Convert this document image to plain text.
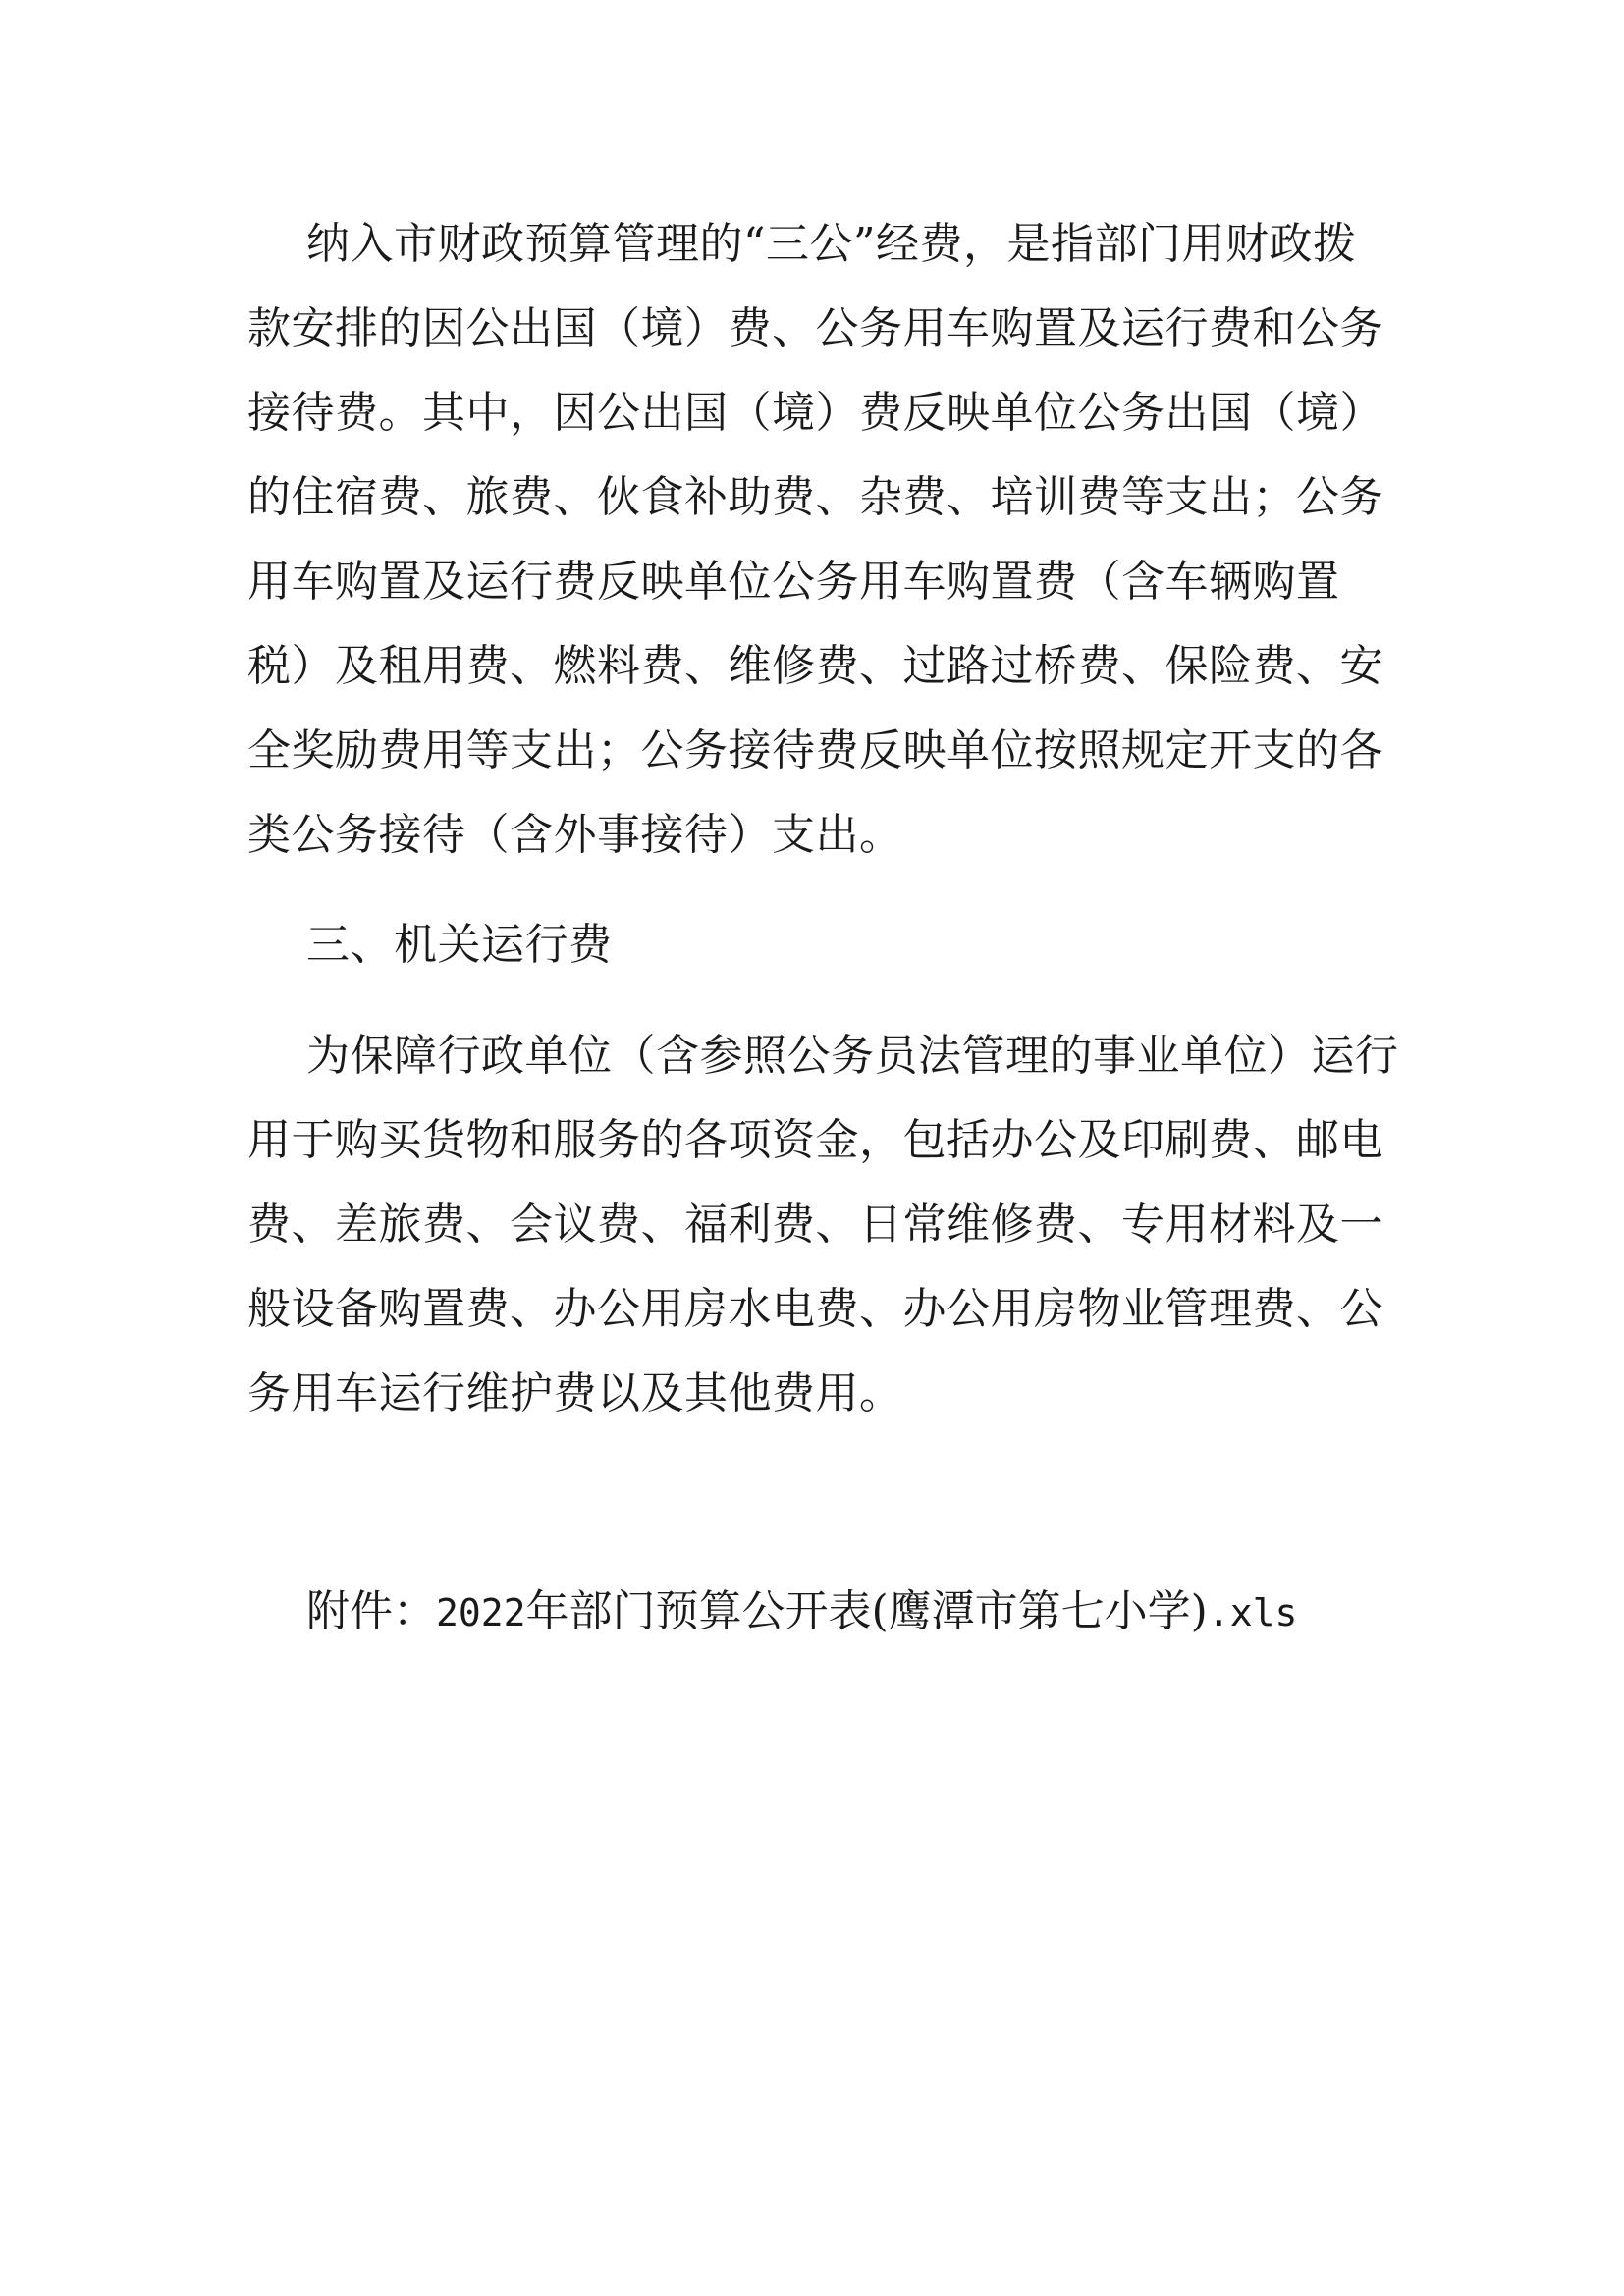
纳入市财政预算管理的“三公”经费，是指部门用财政拨
款安排的因公出国（境）费、公务用车购置及运行费和公务
接待费。其中，因公出国（境）费反映单位公务出国（境）
的住宿费、旅费、伙食补助费、杂费、培训费等支出；公务
用车购置及运行费反映单位公务用车购置费（含车辆购置
税）及租用费、燃料费、维修费、过路过桥费、保险费、安
全奖励费用等支出；公务接待费反映单位按照规定开支的各
类公务接待（含外事接待）支出。
三、机关运行费
为保障行政单位（含参照公务员法管理的事业单位）运行
用于购买货物和服务的各项资金，包括办公及印刷费、邮电
费、差旅费、会议费、福利费、日常维修费、专用材料及一
般设备购置费、办公用房水电费、办公用房物业管理费、公
务用车运行维护费以及其他费用。
附件：2022年部门预算公开表(鹰潭市第七小学).xls
